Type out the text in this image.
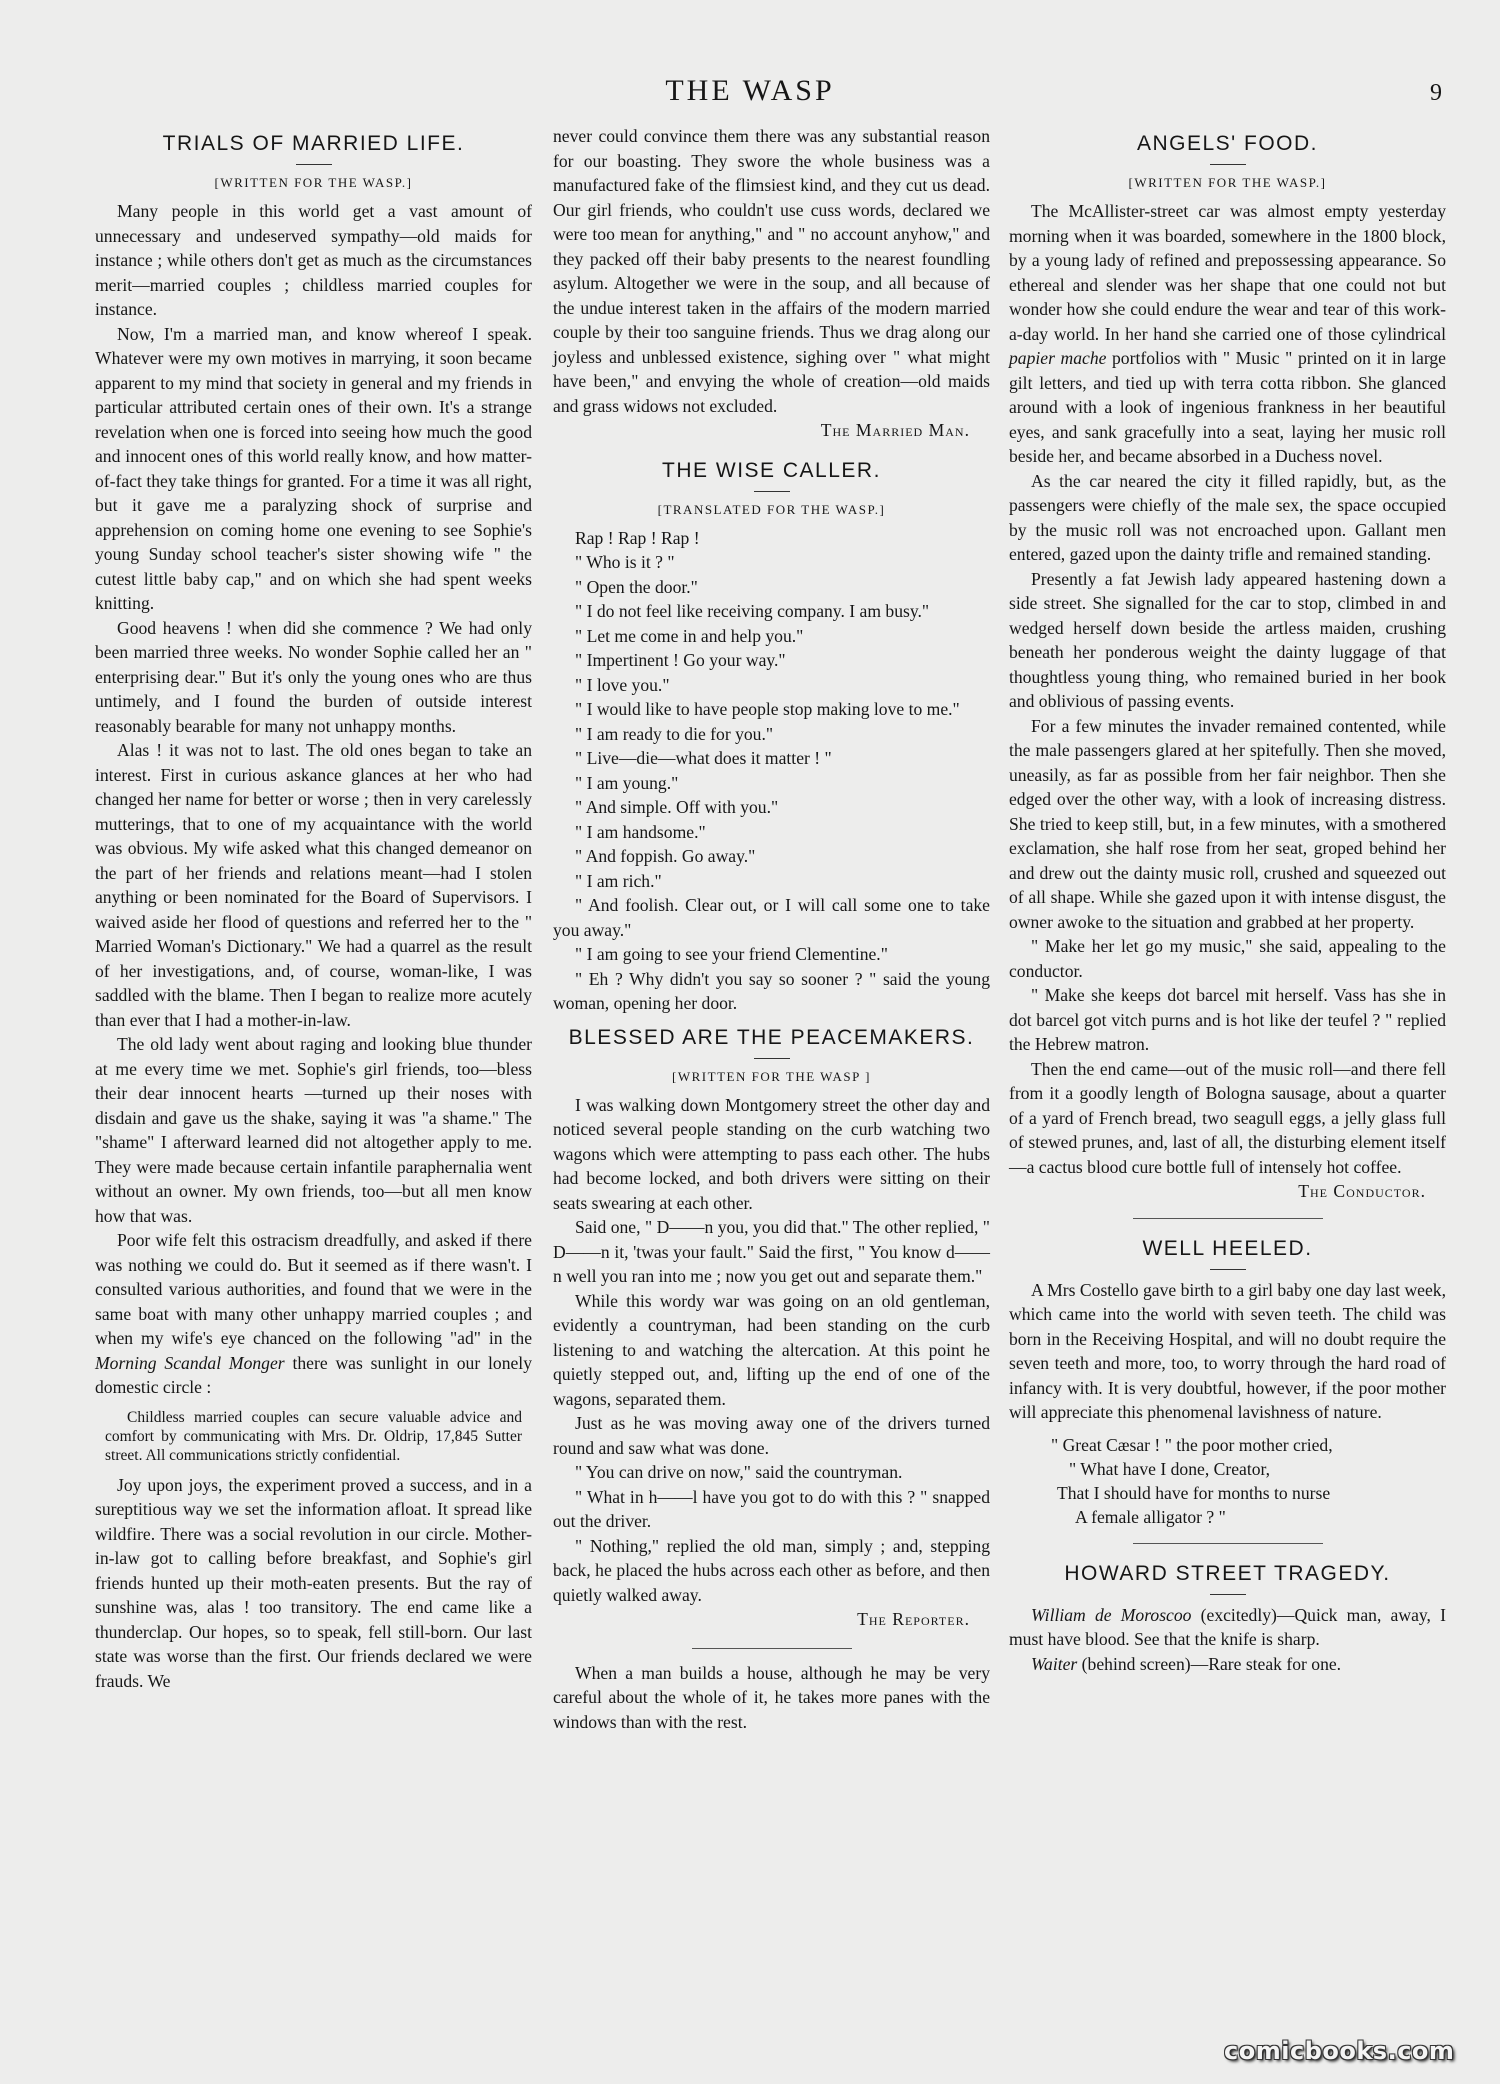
THE WASP	9
TRIALS OF MARRIED LIFE.
[WRITTEN FOR THE WASP.]

Many people in this world get a vast amount of unnecessary and undeserved sympathy—old maids for instance ; while others don't get as much as the circumstances merit—married couples ; childless married couples for instance.

Now, I'm a married man, and know whereof I speak. Whatever were my own motives in marrying, it soon became apparent to my mind that society in general and my friends in particular attributed certain ones of their own. It's a strange revelation when one is forced into seeing how much the good and innocent ones of this world really know, and how matter-of-fact they take things for granted. For a time it was all right, but it gave me a paralyzing shock of surprise and apprehension on coming home one evening to see Sophie's young Sunday school teacher's sister showing wife " the cutest little baby cap," and on which she had spent weeks knitting.

Good heavens ! when did she commence ? We had only been married three weeks. No wonder Sophie called her an " enterprising dear." But it's only the young ones who are thus untimely, and I found the burden of outside interest reasonably bearable for many not unhappy months.

Alas ! it was not to last. The old ones began to take an interest. First in curious askance glances at her who had changed her name for better or worse ; then in very carelessly mutterings, that to one of my acquaintance with the world was obvious. My wife asked what this changed demeanor on the part of her friends and relations meant—had I stolen anything or been nominated for the Board of Supervisors. I waived aside her flood of questions and referred her to the " Married Woman's Dictionary." We had a quarrel as the result of her investigations, and, of course, woman-like, I was saddled with the blame. Then I began to realize more acutely than ever that I had a mother-in-law.

The old lady went about raging and looking blue thunder at me every time we met. Sophie's girl friends, too—bless their dear innocent hearts —turned up their noses with disdain and gave us the shake, saying it was "a shame." The "shame" I afterward learned did not altogether apply to me. They were made because certain infantile paraphernalia went without an owner. My own friends, too—but all men know how that was.

Poor wife felt this ostracism dreadfully, and asked if there was nothing we could do. But it seemed as if there wasn't. I consulted various authorities, and found that we were in the same boat with many other unhappy married couples ; and when my wife's eye chanced on the following "ad" in the Morning Scandal Monger there was sunlight in our lonely domestic circle :

Childless married couples can secure valuable advice and comfort by communicating with Mrs. Dr. Oldrip, 17,845 Sutter street. All communications strictly confidential.

Joy upon joys, the experiment proved a success, and in a sureptitious way we set the information afloat. It spread like wildfire. There was a social revolution in our circle. Mother-in-law got to calling before breakfast, and Sophie's girl friends hunted up their moth-eaten presents. But the ray of sunshine was, alas ! too transitory. The end came like a thunderclap. Our hopes, so to speak, fell still-born. Our last state was worse than the first. Our friends declared we were frauds. We

never could convince them there was any substantial reason for our boasting. They swore the whole business was a manufactured fake of the flimsiest kind, and they cut us dead. Our girl friends, who couldn't use cuss words, declared we were too mean for anything," and " no account anyhow," and they packed off their baby presents to the nearest foundling asylum. Altogether we were in the soup, and all because of the undue interest taken in the affairs of the modern married couple by their too sanguine friends. Thus we drag along our joyless and unblessed existence, sighing over " what might have been," and envying the whole of creation—old maids and grass widows not excluded.

The Married Man.

THE WISE CALLER.
[TRANSLATED FOR THE WASP.]

Rap ! Rap ! Rap !

" Who is it ? "

" Open the door."

" I do not feel like receiving company. I am busy."

" Let me come in and help you."

" Impertinent ! Go your way."

" I love you."

" I would like to have people stop making love to me."

" I am ready to die for you."

" Live—die—what does it matter ! "

" I am young."

" And simple. Off with you."

" I am handsome."

" And foppish. Go away."

" I am rich."

" And foolish. Clear out, or I will call some one to take you away."

" I am going to see your friend Clementine."

" Eh ? Why didn't you say so sooner ? " said the young woman, opening her door.

BLESSED ARE THE PEACEMAKERS.
[WRITTEN FOR THE WASP ]

I was walking down Montgomery street the other day and noticed several people standing on the curb watching two wagons which were attempting to pass each other. The hubs had become locked, and both drivers were sitting on their seats swearing at each other.

Said one, " D——n you, you did that." The other replied, " D——n it, 'twas your fault." Said the first, " You know d——n well you ran into me ; now you get out and separate them."

While this wordy war was going on an old gentleman, evidently a countryman, had been standing on the curb listening to and watching the altercation. At this point he quietly stepped out, and, lifting up the end of one of the wagons, separated them.

Just as he was moving away one of the drivers turned round and saw what was done.

" You can drive on now," said the countryman.

" What in h——l have you got to do with this ? " snapped out the driver.

" Nothing," replied the old man, simply ; and, stepping back, he placed the hubs across each other as before, and then quietly walked away.

The Reporter.

When a man builds a house, although he may be very careful about the whole of it, he takes more panes with the windows than with the rest.

ANGELS' FOOD.
[WRITTEN FOR THE WASP.]

The McAllister-street car was almost empty yesterday morning when it was boarded, somewhere in the 1800 block, by a young lady of refined and prepossessing appearance. So ethereal and slender was her shape that one could not but wonder how she could endure the wear and tear of this work-a-day world. In her hand she carried one of those cylindrical papier mache portfolios with " Music " printed on it in large gilt letters, and tied up with terra cotta ribbon. She glanced around with a look of ingenious frankness in her beautiful eyes, and sank gracefully into a seat, laying her music roll beside her, and became absorbed in a Duchess novel.

As the car neared the city it filled rapidly, but, as the passengers were chiefly of the male sex, the space occupied by the music roll was not encroached upon. Gallant men entered, gazed upon the dainty trifle and remained standing.

Presently a fat Jewish lady appeared hastening down a side street. She signalled for the car to stop, climbed in and wedged herself down beside the artless maiden, crushing beneath her ponderous weight the dainty luggage of that thoughtless young thing, who remained buried in her book and oblivious of passing events.

For a few minutes the invader remained contented, while the male passengers glared at her spitefully. Then she moved, uneasily, as far as possible from her fair neighbor. Then she edged over the other way, with a look of increasing distress. She tried to keep still, but, in a few minutes, with a smothered exclamation, she half rose from her seat, groped behind her and drew out the dainty music roll, crushed and squeezed out of all shape. While she gazed upon it with intense disgust, the owner awoke to the situation and grabbed at her property.

" Make her let go my music," she said, appealing to the conductor.

" Make she keeps dot barcel mit herself. Vass has she in dot barcel got vitch purns and is hot like der teufel ? " replied the Hebrew matron.

Then the end came—out of the music roll—and there fell from it a goodly length of Bologna sausage, about a quarter of a yard of French bread, two seagull eggs, a jelly glass full of stewed prunes, and, last of all, the disturbing element itself—a cactus blood cure bottle full of intensely hot coffee.

The Conductor.

WELL HEELED.

A Mrs Costello gave birth to a girl baby one day last week, which came into the world with seven teeth. The child was born in the Receiving Hospital, and will no doubt require the seven teeth and more, too, to worry through the hard road of infancy with. It is very doubtful, however, if the poor mother will appreciate this phenomenal lavishness of nature.

" Great Cæsar ! " the poor mother cried,
" What have I done, Creator,
That I should have for months to nurse
A female alligator ? "
HOWARD STREET TRAGEDY.

William de Moroscoo (excitedly)—Quick man, away, I must have blood. See that the knife is sharp.

Waiter (behind screen)—Rare steak for one.

comicbooks.com
